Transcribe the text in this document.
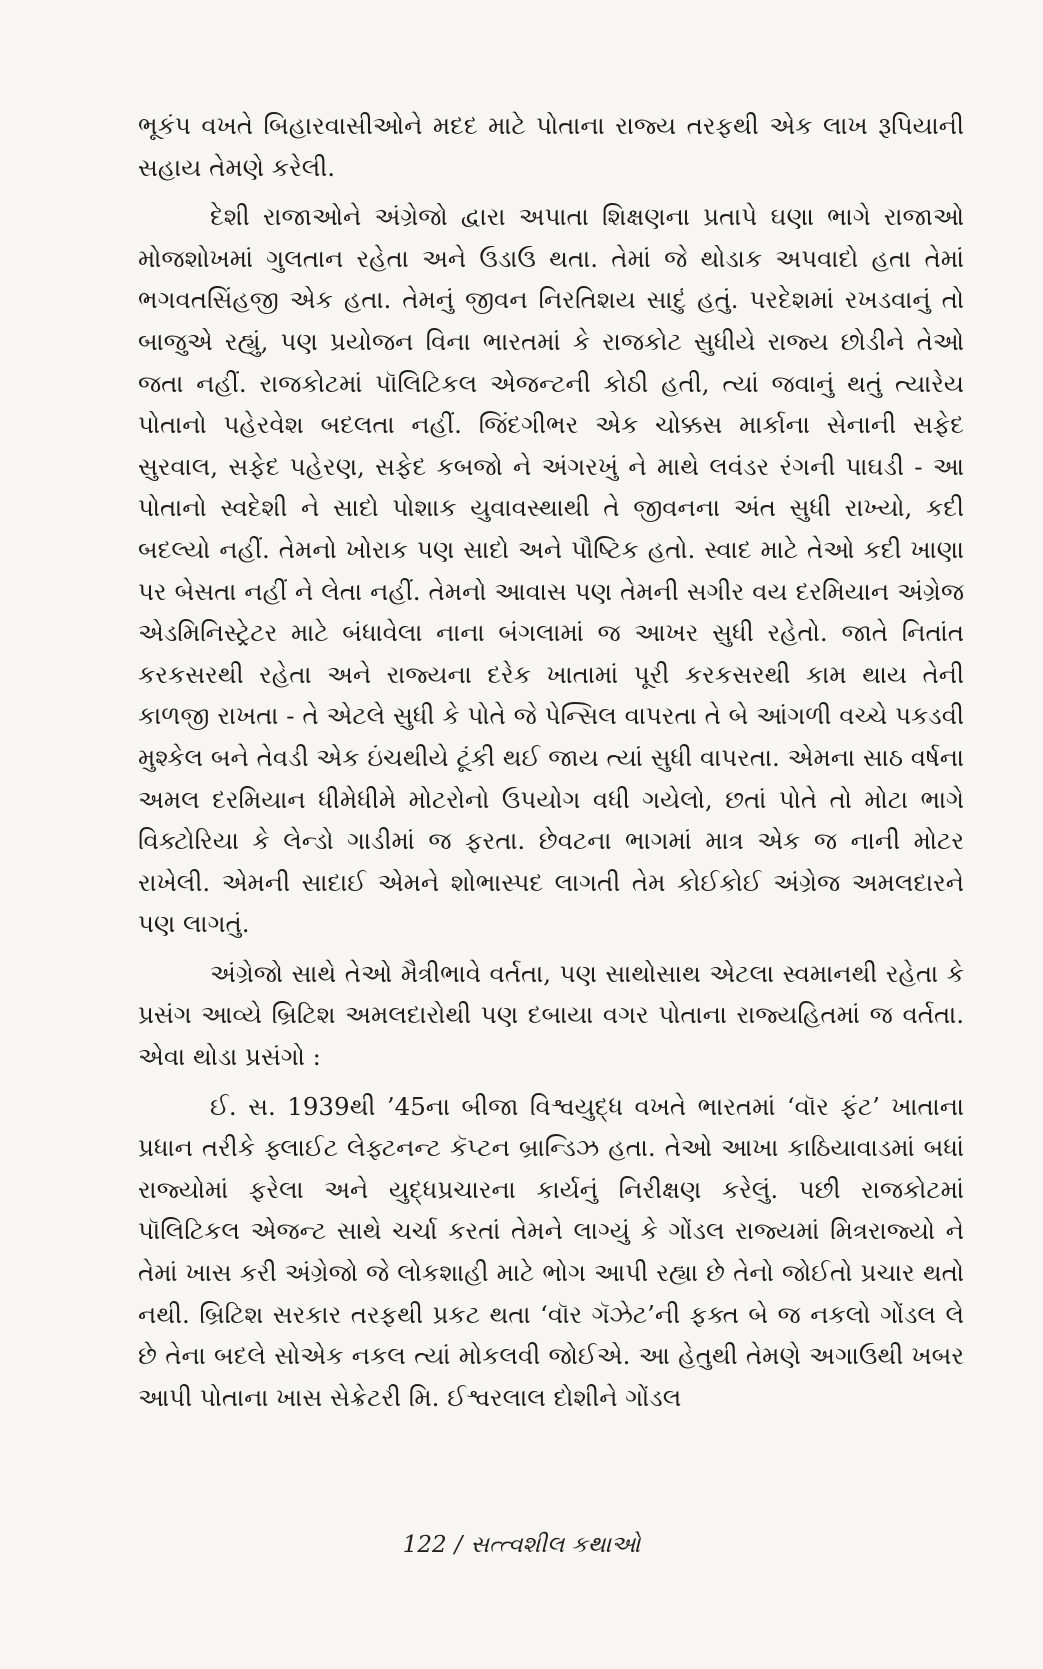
ભૂકંપ વખતે બિહારવાસીઓને મદદ માટે પોતાના રાજ્ય તરફથી એક લાખ રૂપિયાની સહાય તેમણે કરેલી.

દેશી રાજાઓને અંગ્રેજો દ્વારા અપાતા શિક્ષણના પ્રતાપે ઘણા ભાગે રાજાઓ મોજશોખમાં ગુલતાન રહેતા અને ઉડાઉ થતા. તેમાં જે થોડાક અપવાદો હતા તેમાં ભગવતસિંહજી એક હતા. તેમનું જીવન નિરતિશય સાદું હતું. પરદેશમાં રખડવાનું તો બાજુએ રહ્યું, પણ પ્રયોજન વિના ભારતમાં કે રાજકોટ સુધીયે રાજ્ય છોડીને તેઓ જતા નહીં. રાજકોટમાં પૉલિટિકલ એજન્ટની કોઠી હતી, ત્યાં જવાનું થતું ત્યારેય પોતાનો પહેરવેશ બદલતા નહીં. જિંદગીભર એક ચોક્કસ માર્કાના સેનાની સફેદ સુરવાલ, સફેદ પહેરણ, સફેદ કબજો ને અંગરખું ને માથે લવંડર રંગની પાઘડી - આ પોતાનો સ્વદેશી ને સાદો પોશાક યુવાવસ્થાથી તે જીવનના અંત સુધી રાખ્યો, કદી બદલ્યો નહીં. તેમનો ખોરાક પણ સાદો અને પૌષ્ટિક હતો. સ્વાદ માટે તેઓ કદી ખાણા પર બેસતા નહીં ને લેતા નહીં. તેમનો આવાસ પણ તેમની સગીર વય દરમિયાન અંગ્રેજ એડમિનિસ્ટ્રેટર માટે બંધાવેલા નાના બંગલામાં જ આખર સુધી રહેતો. જાતે નિતાંત કરકસરથી રહેતા અને રાજ્યના દરેક ખાતામાં પૂરી કરકસરથી કામ થાય તેની કાળજી રાખતા - તે એટલે સુધી કે પોતે જે પેન્સિલ વાપરતા તે બે આંગળી વચ્ચે પકડવી મુશ્કેલ બને તેવડી એક ઇંચથીયે ટૂંકી થઈ જાય ત્યાં સુધી વાપરતા. એમના સાઠ વર્ષના અમલ દરમિયાન ધીમેધીમે મોટરોનો ઉપયોગ વધી ગયેલો, છતાં પોતે તો મોટા ભાગે વિક્ટોરિયા કે લેન્ડો ગાડીમાં જ ફરતા. છેવટના ભાગમાં માત્ર એક જ નાની મોટર રાખેલી. એમની સાદાઈ એમને શોભાસ્પદ લાગતી તેમ કોઈકોઈ અંગ્રેજ અમલદારને પણ લાગતું.

અંગ્રેજો સાથે તેઓ મૈત્રીભાવે વર્તતા, પણ સાથોસાથ એટલા સ્વમાનથી રહેતા કે પ્રસંગ આવ્યે બ્રિટિશ અમલદારોથી પણ દબાયા વગર પોતાના રાજ્યહિતમાં જ વર્તતા. એવા થોડા પ્રસંગો :

ઈ. સ. 1939થી ’45ના બીજા વિશ્વયુદ્ધ વખતે ભારતમાં ‘વૉર ફંટ’ ખાતાના પ્રધાન તરીકે ફ્લાઈટ લેફ્ટનન્ટ કૅપ્ટન બ્રાન્ડિઝ હતા. તેઓ આખા કાઠિયાવાડમાં બધાં રાજ્યોમાં ફરેલા અને યુદ્ધપ્રચારના કાર્યનું નિરીક્ષણ કરેલું. પછી રાજકોટમાં પૉલિટિકલ એજન્ટ સાથે ચર્ચા કરતાં તેમને લાગ્યું કે ગોંડલ રાજ્યમાં મિત્રરાજ્યો ને તેમાં ખાસ કરી અંગ્રેજો જે લોકશાહી માટે ભોગ આપી રહ્યા છે તેનો જોઈતો પ્રચાર થતો નથી. બ્રિટિશ સરકાર તરફથી પ્રકટ થતા ‘વૉર ગૅઝેટ’ની ફક્ત બે જ નકલો ગોંડલ લે છે તેના બદલે સોએક નકલ ત્યાં મોકલવી જોઈએ. આ હેતુથી તેમણે અગાઉથી ખબર આપી પોતાના ખાસ સેક્રેટરી મિ. ઈશ્વરલાલ દોશીને ગોંડલ

122 / સત્ત્વશીલ કથાઓ
